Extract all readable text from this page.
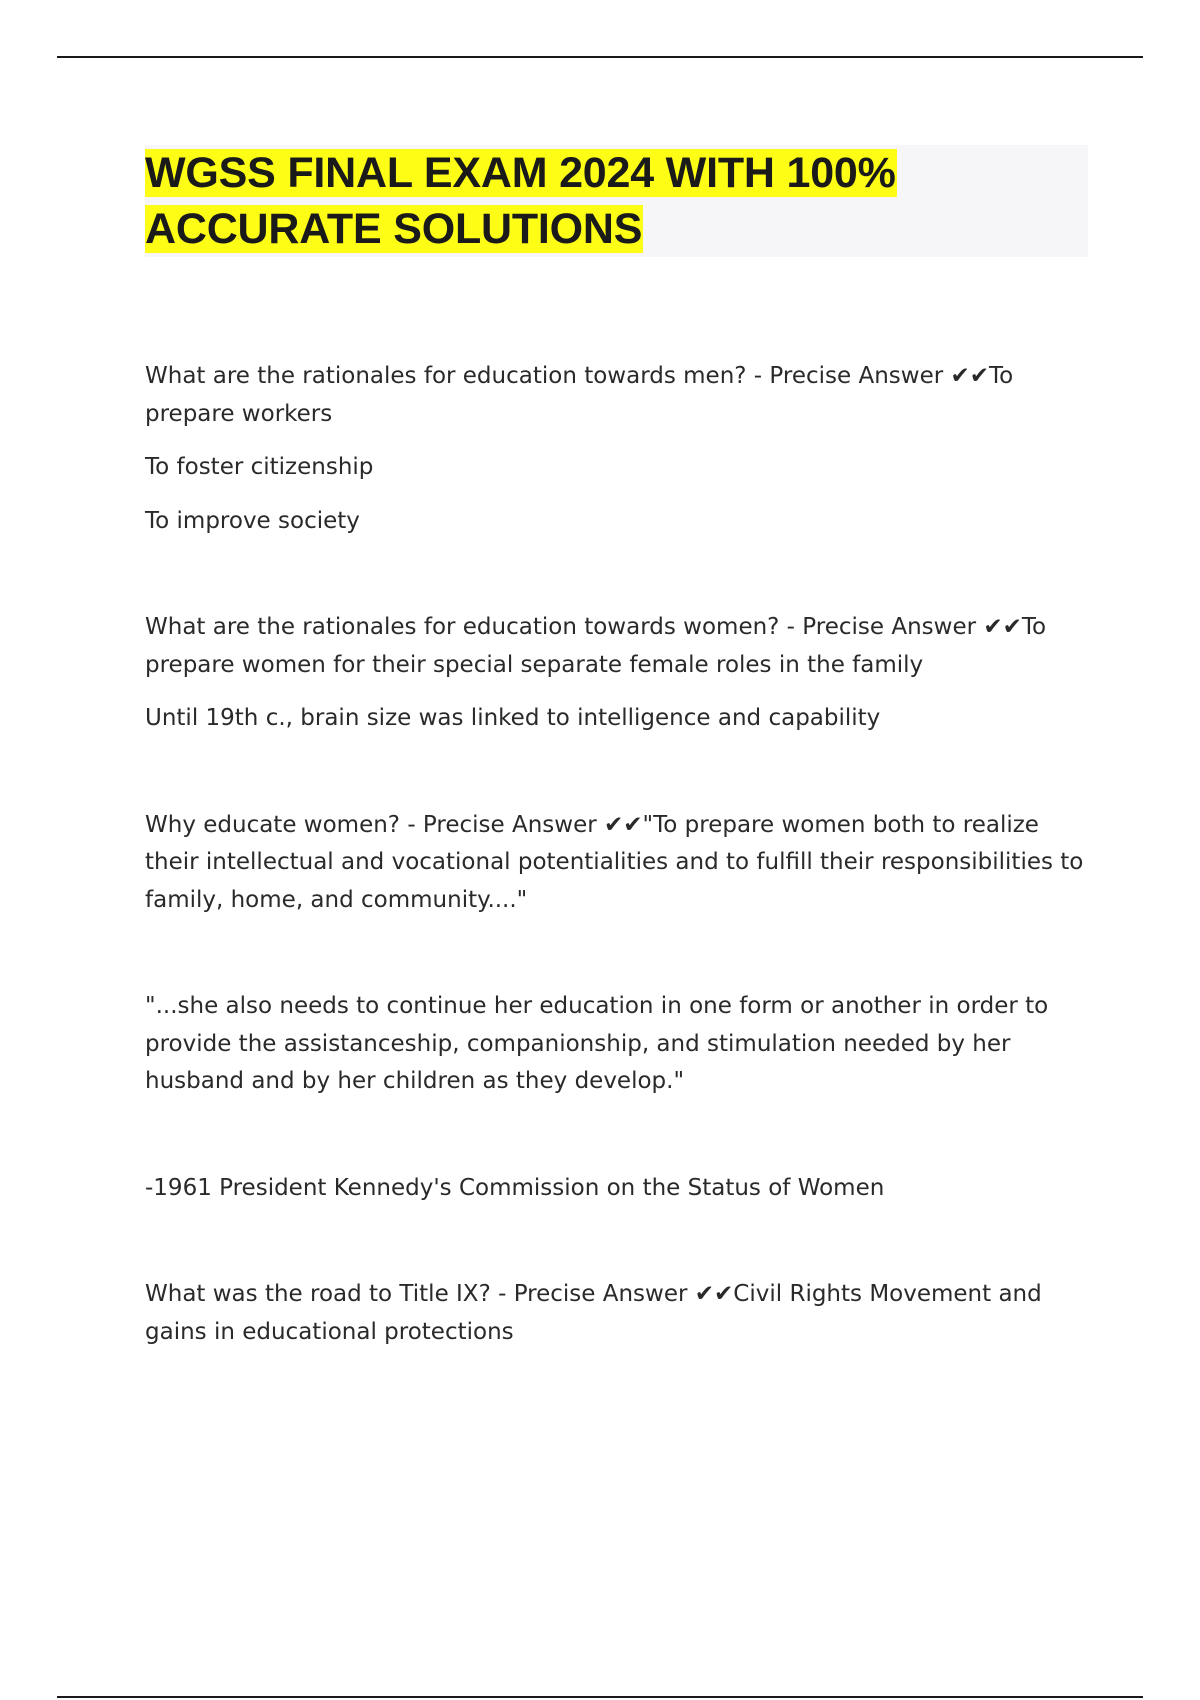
WGSS FINAL EXAM 2024 WITH 100% ACCURATE SOLUTIONS

What are the rationales for education towards men? - Precise Answer ✔✔To prepare workers

To foster citizenship

To improve society

What are the rationales for education towards women? - Precise Answer ✔✔To prepare women for their special separate female roles in the family

Until 19th c., brain size was linked to intelligence and capability

Why educate women? - Precise Answer ✔✔"To prepare women both to realize their intellectual and vocational potentialities and to fulfill their responsibilities to family, home, and community...."

"...she also needs to continue her education in one form or another in order to provide the assistanceship, companionship, and stimulation needed by her husband and by her children as they develop."

-1961 President Kennedy's Commission on the Status of Women

What was the road to Title IX? - Precise Answer ✔✔Civil Rights Movement and gains in educational protections
